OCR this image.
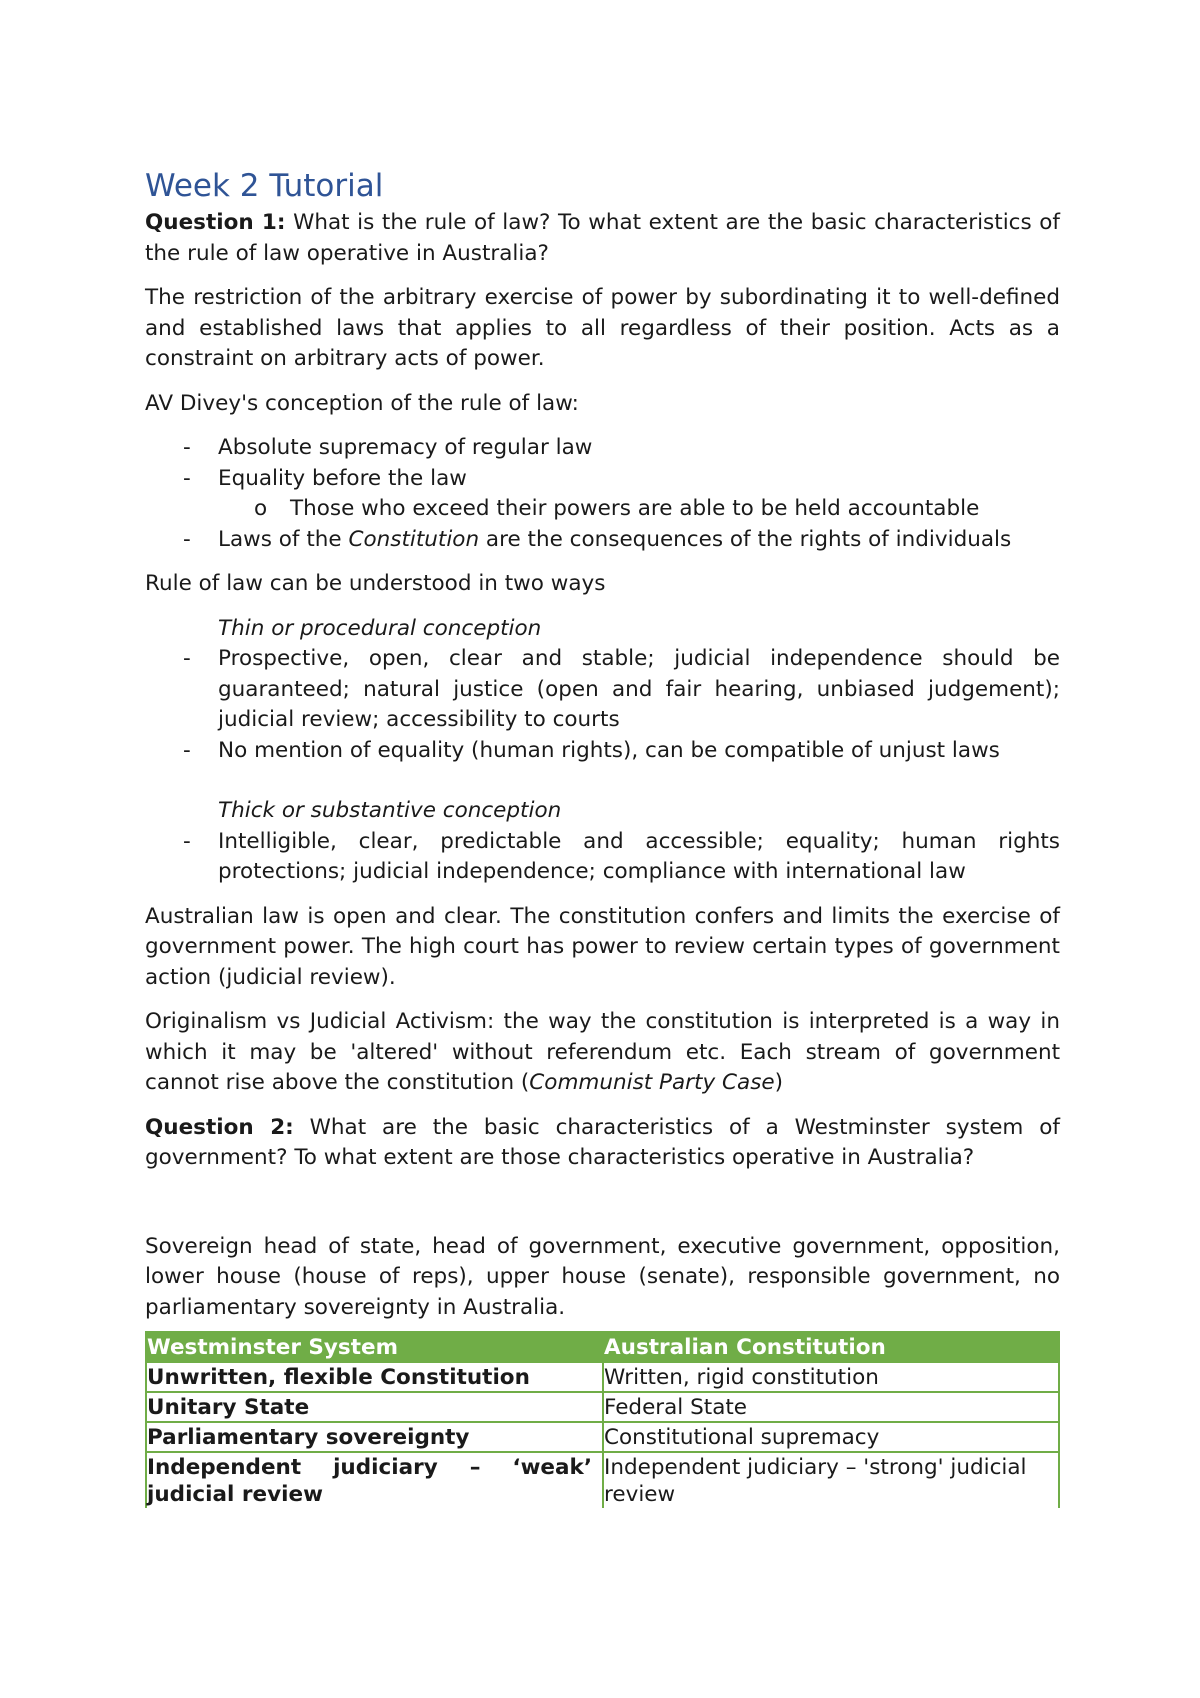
Week 2 Tutorial

Question 1: What is the rule of law? To what extent are the basic characteristics of the rule of law operative in Australia?

The restriction of the arbitrary exercise of power by subordinating it to well-defined and established laws that applies to all regardless of their position. Acts as a constraint on arbitrary acts of power.

AV Divey's conception of the rule of law:

- Absolute supremacy of regular law
- Equality before the law
o Those who exceed their powers are able to be held accountable
- Laws of the Constitution are the consequences of the rights of individuals

Rule of law can be understood in two ways

Thin or procedural conception
- Prospective, open, clear and stable; judicial independence should be guaranteed; natural justice (open and fair hearing, unbiased judgement); judicial review; accessibility to courts
- No mention of equality (human rights), can be compatible of unjust laws
Thick or substantive conception
- Intelligible, clear, predictable and accessible; equality; human rights protections; judicial independence; compliance with international law

Australian law is open and clear. The constitution confers and limits the exercise of government power. The high court has power to review certain types of government action (judicial review).

Originalism vs Judicial Activism: the way the constitution is interpreted is a way in which it may be 'altered' without referendum etc. Each stream of government cannot rise above the constitution (Communist Party Case)

Question 2: What are the basic characteristics of a Westminster system of government? To what extent are those characteristics operative in Australia?

Sovereign head of state, head of government, executive government, opposition, lower house (house of reps), upper house (senate), responsible government, no parliamentary sovereignty in Australia.

Westminster System	Australian Constitution

Unwritten, flexible Constitution	Written, rigid constitution

Unitary State	Federal State

Parliamentary sovereignty	Constitutional supremacy

Independent judiciary – ‘weak’ judicial review	Independent judiciary – 'strong' judicial review
